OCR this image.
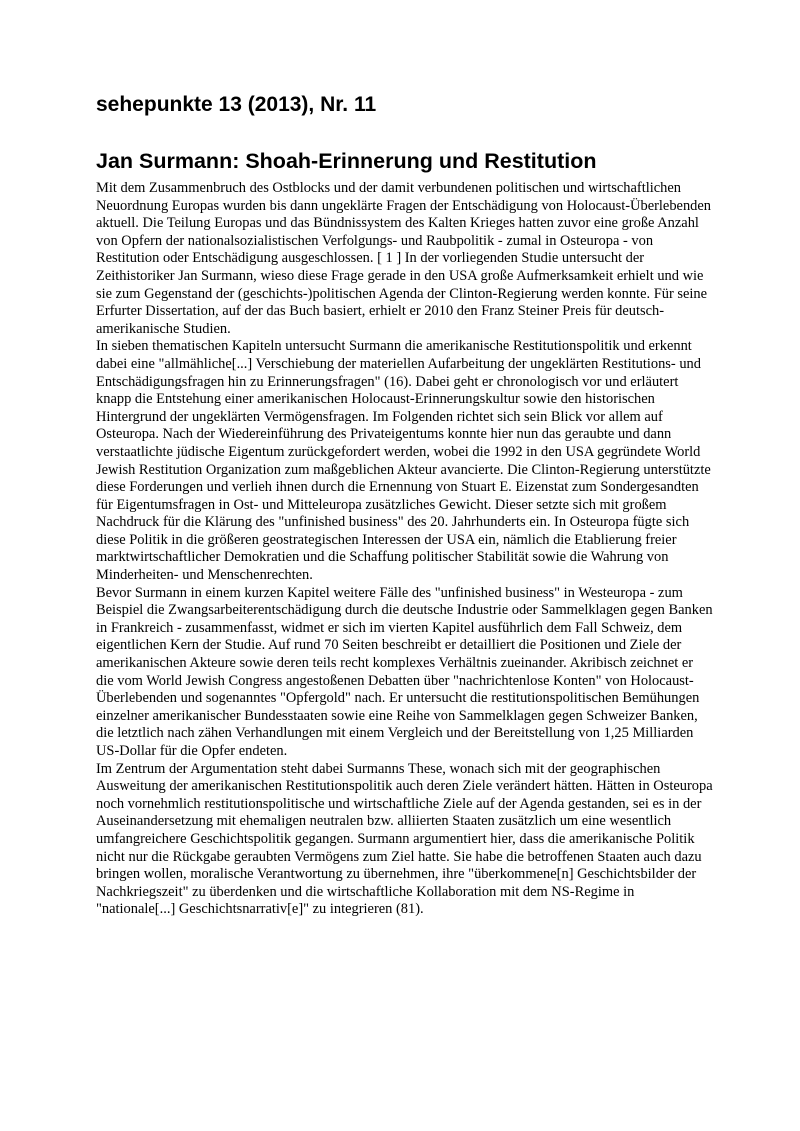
sehepunkte 13 (2013), Nr. 11
Jan Surmann: Shoah-Erinnerung und Restitution

Mit dem Zusammenbruch des Ostblocks und der damit verbundenen politischen und wirtschaftlichen Neuordnung Europas wurden bis dann ungeklärte Fragen der Entschädigung von Holocaust-Überlebenden aktuell. Die Teilung Europas und das Bündnissystem des Kalten Krieges hatten zuvor eine große Anzahl von Opfern der nationalsozialistischen Verfolgungs- und Raubpolitik - zumal in Osteuropa - von Restitution oder Entschädigung ausgeschlossen. [ 1 ] In der vorliegenden Studie untersucht der Zeithistoriker Jan Surmann, wieso diese Frage gerade in den USA große Aufmerksamkeit erhielt und wie sie zum Gegenstand der (geschichts-)politischen Agenda der Clinton-Regierung werden konnte. Für seine Erfurter Dissertation, auf der das Buch basiert, erhielt er 2010 den Franz Steiner Preis für deutsch-amerikanische Studien.

In sieben thematischen Kapiteln untersucht Surmann die amerikanische Restitutionspolitik und erkennt dabei eine "allmähliche[...] Verschiebung der materiellen Aufarbeitung der ungeklärten Restitutions- und Entschädigungsfragen hin zu Erinnerungsfragen" (16). Dabei geht er chronologisch vor und erläutert knapp die Entstehung einer amerikanischen Holocaust-Erinnerungskultur sowie den historischen Hintergrund der ungeklärten Vermögensfragen. Im Folgenden richtet sich sein Blick vor allem auf Osteuropa. Nach der Wiedereinführung des Privateigentums konnte hier nun das geraubte und dann verstaatlichte jüdische Eigentum zurückgefordert werden, wobei die 1992 in den USA gegründete World Jewish Restitution Organization zum maßgeblichen Akteur avancierte. Die Clinton-Regierung unterstützte diese Forderungen und verlieh ihnen durch die Ernennung von Stuart E. Eizenstat zum Sondergesandten für Eigentumsfragen in Ost- und Mitteleuropa zusätzliches Gewicht. Dieser setzte sich mit großem Nachdruck für die Klärung des "unfinished business" des 20. Jahrhunderts ein. In Osteuropa fügte sich diese Politik in die größeren geostrategischen Interessen der USA ein, nämlich die Etablierung freier marktwirtschaftlicher Demokratien und die Schaffung politischer Stabilität sowie die Wahrung von Minderheiten- und Menschenrechten.

Bevor Surmann in einem kurzen Kapitel weitere Fälle des "unfinished business" in Westeuropa - zum Beispiel die Zwangsarbeiterentschädigung durch die deutsche Industrie oder Sammelklagen gegen Banken in Frankreich - zusammenfasst, widmet er sich im vierten Kapitel ausführlich dem Fall Schweiz, dem eigentlichen Kern der Studie. Auf rund 70 Seiten beschreibt er detailliert die Positionen und Ziele der amerikanischen Akteure sowie deren teils recht komplexes Verhältnis zueinander. Akribisch zeichnet er die vom World Jewish Congress angestoßenen Debatten über "nachrichtenlose Konten" von Holocaust-Überlebenden und sogenanntes "Opfergold" nach. Er untersucht die restitutionspolitischen Bemühungen einzelner amerikanischer Bundesstaaten sowie eine Reihe von Sammelklagen gegen Schweizer Banken, die letztlich nach zähen Verhandlungen mit einem Vergleich und der Bereitstellung von 1,25 Milliarden US-Dollar für die Opfer endeten.

Im Zentrum der Argumentation steht dabei Surmanns These, wonach sich mit der geographischen Ausweitung der amerikanischen Restitutionspolitik auch deren Ziele verändert hätten. Hätten in Osteuropa noch vornehmlich restitutionspolitische und wirtschaftliche Ziele auf der Agenda gestanden, sei es in der Auseinandersetzung mit ehemaligen neutralen bzw. alliierten Staaten zusätzlich um eine wesentlich umfangreichere Geschichtspolitik gegangen. Surmann argumentiert hier, dass die amerikanische Politik nicht nur die Rückgabe geraubten Vermögens zum Ziel hatte. Sie habe die betroffenen Staaten auch dazu bringen wollen, moralische Verantwortung zu übernehmen, ihre "überkommene[n] Geschichtsbilder der Nachkriegszeit" zu überdenken und die wirtschaftliche Kollaboration mit dem NS-Regime in "nationale[...] Geschichtsnarrativ[e]" zu integrieren (81).
